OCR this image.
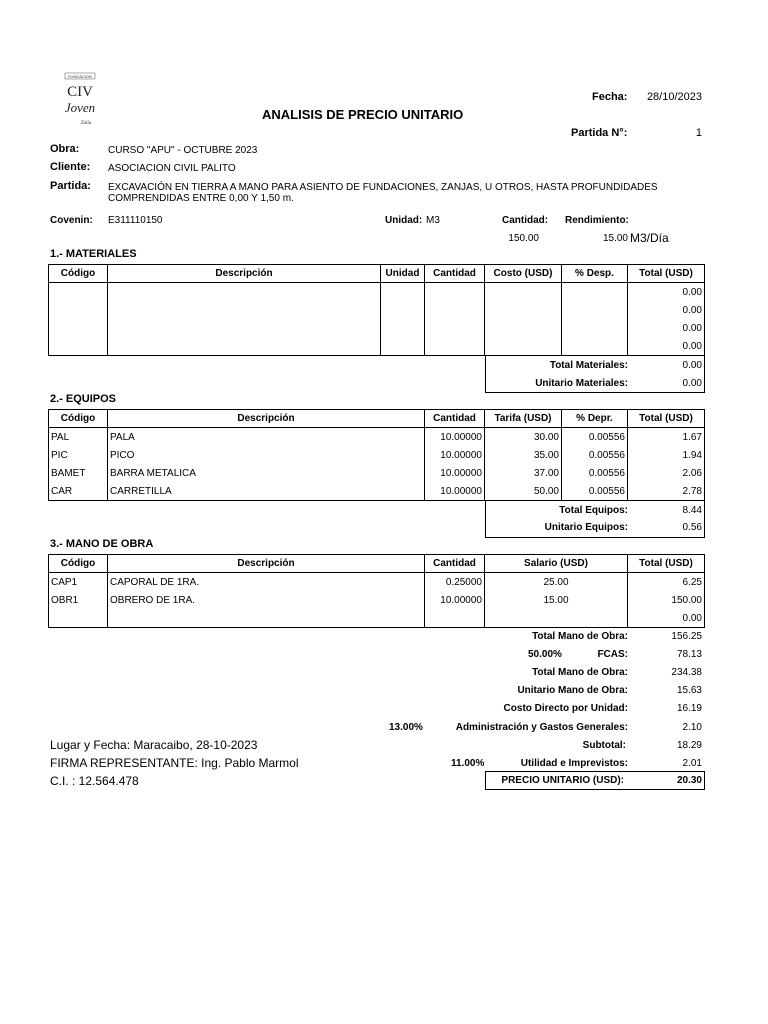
FUNDACION
CIV
Joven
Zulia
ANALISIS DE PRECIO UNITARIO
Fecha:	28/10/2023
Partida N°:	1
Obra:	CURSO "APU" - OCTUBRE 2023
Cliente: ASOCIACION CIVIL PALITO
Partida: EXCAVACIÓN EN TIERRA A MANO PARA ASIENTO DE FUNDACIONES, ZANJAS, U OTROS, HASTA PROFUNDIDADES
COMPRENDIDAS ENTRE 0,00 Y 1,50 m.
Covenin: E311110150	Unidad: M3	Cantidad: Rendimiento:
150.00	15.00 M3/Día
1.- MATERIALES
Código	Descripción	Unidad	Cantidad	Costo (USD)	% Desp.	Total (USD)
						0.00
						0.00
						0.00
						0.00
Total Materiales:	0.00
Unitario Materiales:	0.00
2.- EQUIPOS
Código	Descripción	Cantidad	Tarifa (USD)	% Depr.	Total (USD)
PAL	PALA	10.00000	30.00	0.00556	1.67
PIC	PICO	10.00000	35.00	0.00556	1.94
BAMET	BARRA METALICA	10.00000	37.00	0.00556	2.06
CAR	CARRETILLA	10.00000	50.00	0.00556	2.78
Total Equipos:	8.44
Unitario Equipos:	0.56
3.- MANO DE OBRA
Código	Descripción	Cantidad	Salario (USD)	Total (USD)
CAP1	CAPORAL DE 1RA.	0.25000	25.00	6.25
OBR1	OBRERO DE 1RA.	10.00000	15.00	150.00
				0.00
Total Mano de Obra:	156.25
50.00%	FCAS:	78.13
Total Mano de Obra:	234.38
Unitario Mano de Obra:	15.63
Costo Directo por Unidad:	16.19
13.00%	Administración y Gastos Generales:	2.10
Subtotal:	18.29
11.00%	Utilidad e Imprevistos:	2.01
PRECIO UNITARIO (USD):	20.30
Lugar y Fecha: Maracaibo, 28-10-2023
FIRMA REPRESENTANTE: Ing. Pablo Marmol
C.I. : 12.564.478
